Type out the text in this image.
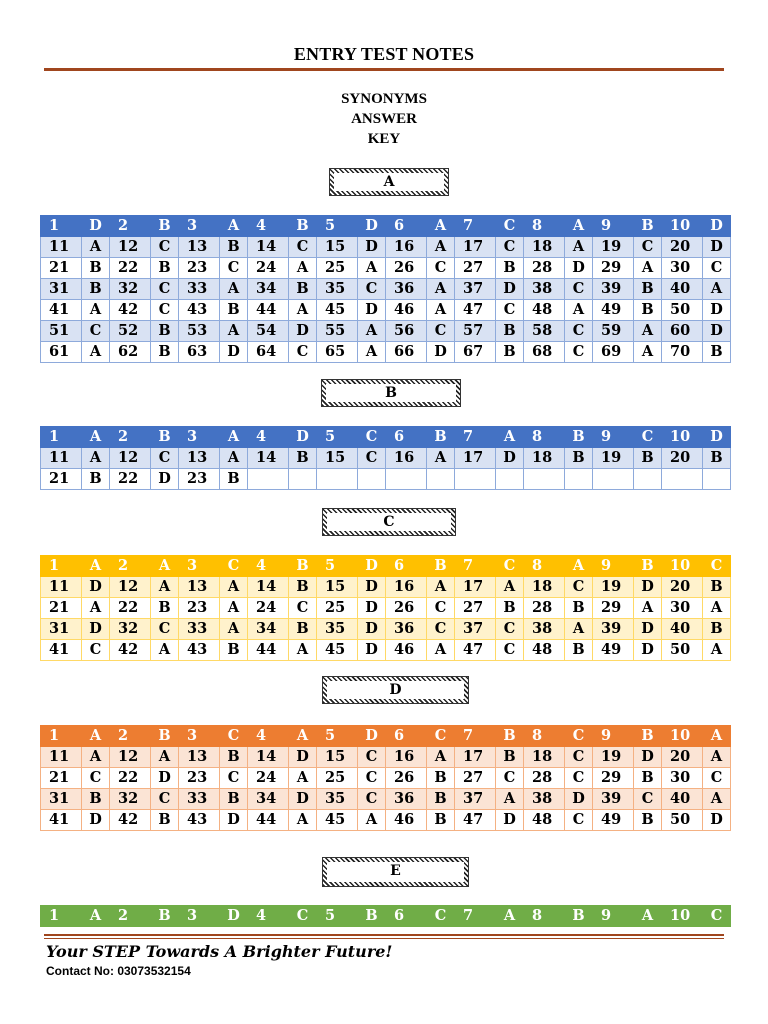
ENTRY TEST NOTES
SYNONYMS
ANSWER
KEY
A
1	D	2	B	3	A	4	B	5	D	6	A	7	C	8	A	9	B	10	D
11	A	12	C	13	B	14	C	15	D	16	A	17	C	18	A	19	C	20	D
21	B	22	B	23	C	24	A	25	A	26	C	27	B	28	D	29	A	30	C
31	B	32	C	33	A	34	B	35	C	36	A	37	D	38	C	39	B	40	A
41	A	42	C	43	B	44	A	45	D	46	A	47	C	48	A	49	B	50	D
51	C	52	B	53	A	54	D	55	A	56	C	57	B	58	C	59	A	60	D
61	A	62	B	63	D	64	C	65	A	66	D	67	B	68	C	69	A	70	B
B
1	A	2	B	3	A	4	D	5	C	6	B	7	A	8	B	9	C	10	D
11	A	12	C	13	A	14	B	15	C	16	A	17	D	18	B	19	B	20	B
21	B	22	D	23	B														
C
1	A	2	A	3	C	4	B	5	D	6	B	7	C	8	A	9	B	10	C
11	D	12	A	13	A	14	B	15	D	16	A	17	A	18	C	19	D	20	B
21	A	22	B	23	A	24	C	25	D	26	C	27	B	28	B	29	A	30	A
31	D	32	C	33	A	34	B	35	D	36	C	37	C	38	A	39	D	40	B
41	C	42	A	43	B	44	A	45	D	46	A	47	C	48	B	49	D	50	A
D
1	A	2	B	3	C	4	A	5	D	6	C	7	B	8	C	9	B	10	A
11	A	12	A	13	B	14	D	15	C	16	A	17	B	18	C	19	D	20	A
21	C	22	D	23	C	24	A	25	C	26	B	27	C	28	C	29	B	30	C
31	B	32	C	33	B	34	D	35	C	36	B	37	A	38	D	39	C	40	A
41	D	42	B	43	D	44	A	45	A	46	B	47	D	48	C	49	B	50	D
E
1	A	2	B	3	D	4	C	5	B	6	C	7	A	8	B	9	A	10	C
Your STEP Towards A Brighter Future!
Contact No: 03073532154
